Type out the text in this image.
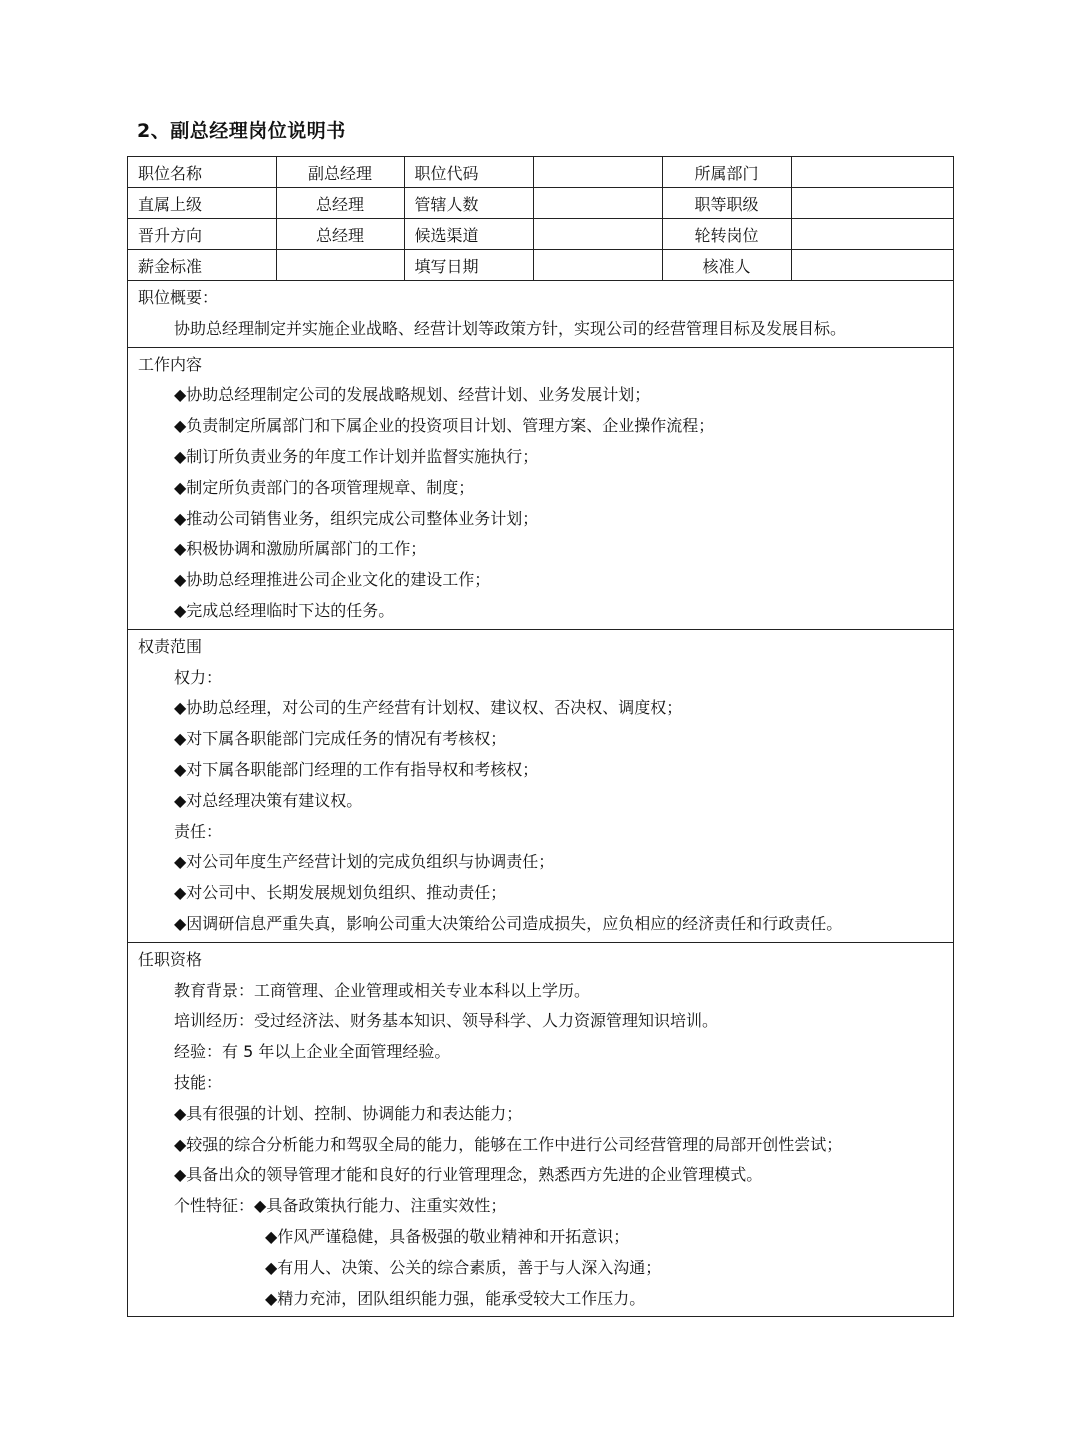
2、副总经理岗位说明书
职位名称	副总经理	职位代码		所属部门	
直属上级	总经理	管辖人数		职等职级	
晋升方向	总经理	候选渠道		轮转岗位	
薪金标准		填写日期		核准人	
职位概要：
协助总经理制定并实施企业战略、经营计划等政策方针，实现公司的经营管理目标及发展目标。
工作内容
◆协助总经理制定公司的发展战略规划、经营计划、业务发展计划；
◆负责制定所属部门和下属企业的投资项目计划、管理方案、企业操作流程；
◆制订所负责业务的年度工作计划并监督实施执行；
◆制定所负责部门的各项管理规章、制度；
◆推动公司销售业务，组织完成公司整体业务计划；
◆积极协调和激励所属部门的工作；
◆协助总经理推进公司企业文化的建设工作；
◆完成总经理临时下达的任务。
权责范围
权力：
◆协助总经理，对公司的生产经营有计划权、建议权、否决权、调度权；
◆对下属各职能部门完成任务的情况有考核权；
◆对下属各职能部门经理的工作有指导权和考核权；
◆对总经理决策有建议权。
责任：
◆对公司年度生产经营计划的完成负组织与协调责任；
◆对公司中、长期发展规划负组织、推动责任；
◆因调研信息严重失真，影响公司重大决策给公司造成损失，应负相应的经济责任和行政责任。
任职资格
教育背景：工商管理、企业管理或相关专业本科以上学历。
培训经历：受过经济法、财务基本知识、领导科学、人力资源管理知识培训。
经验：有 5 年以上企业全面管理经验。
技能：
◆具有很强的计划、控制、协调能力和表达能力；
◆较强的综合分析能力和驾驭全局的能力，能够在工作中进行公司经营管理的局部开创性尝试；
◆具备出众的领导管理才能和良好的行业管理理念，熟悉西方先进的企业管理模式。
个性特征：◆具备政策执行能力、注重实效性；
◆作风严谨稳健，具备极强的敬业精神和开拓意识；
◆有用人、决策、公关的综合素质，善于与人深入沟通；
◆精力充沛，团队组织能力强，能承受较大工作压力。
